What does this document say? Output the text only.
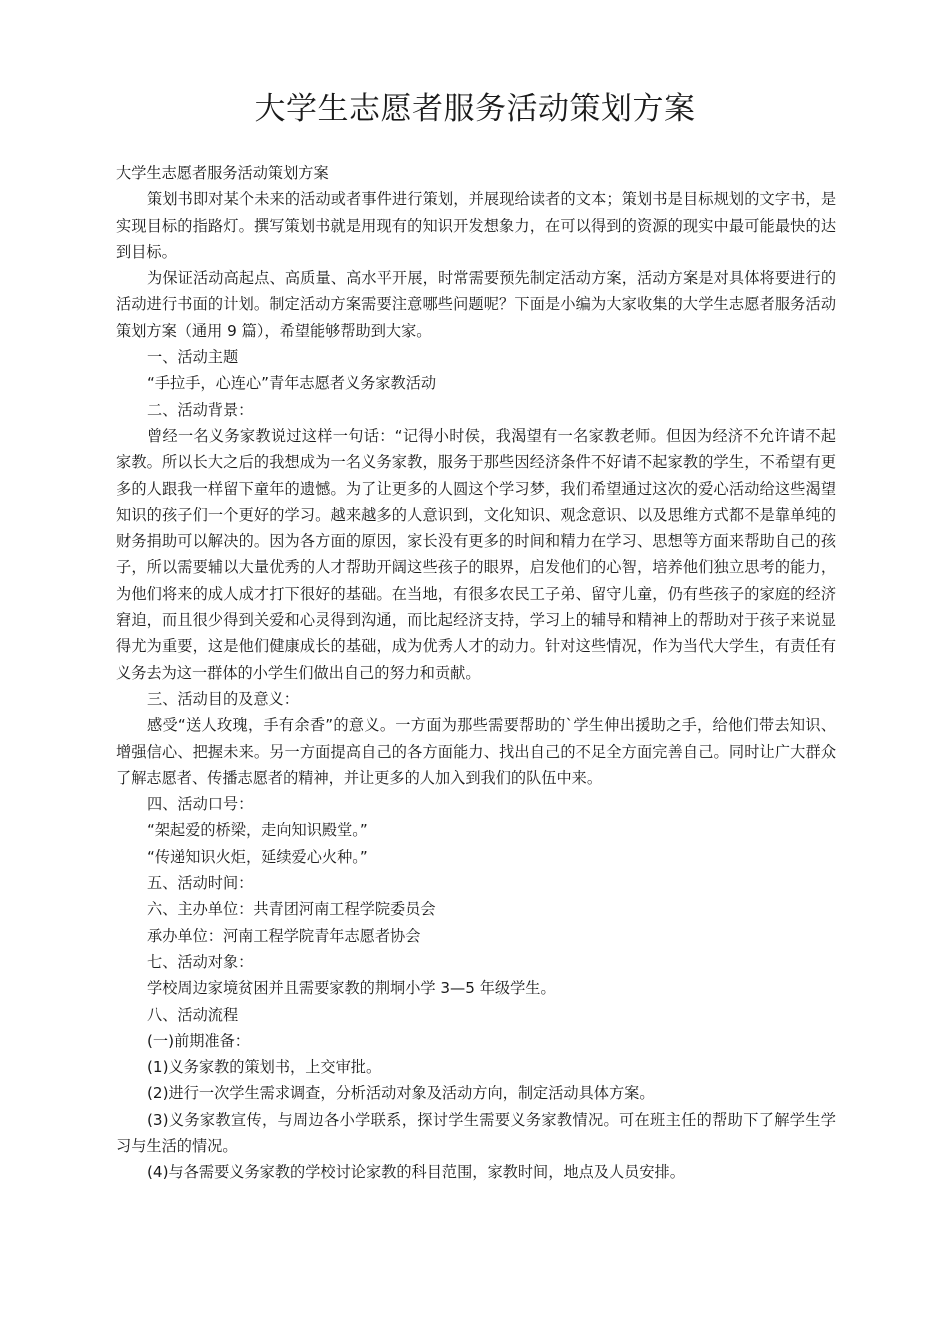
大学生志愿者服务活动策划方案

大学生志愿者服务活动策划方案

策划书即对某个未来的活动或者事件进行策划，并展现给读者的文本；策划书是目标规划的文字书，是实现目标的指路灯。撰写策划书就是用现有的知识开发想象力，在可以得到的资源的现实中最可能最快的达到目标。

为保证活动高起点、高质量、高水平开展，时常需要预先制定活动方案，活动方案是对具体将要进行的活动进行书面的计划。制定活动方案需要注意哪些问题呢？下面是小编为大家收集的大学生志愿者服务活动策划方案（通用 9 篇），希望能够帮助到大家。

一、活动主题

“手拉手，心连心”青年志愿者义务家教活动

二、活动背景：

曾经一名义务家教说过这样一句话：“记得小时侯，我渴望有一名家教老师。但因为经济不允许请不起家教。所以长大之后的我想成为一名义务家教，服务于那些因经济条件不好请不起家教的学生，不希望有更多的人跟我一样留下童年的遗憾。为了让更多的人圆这个学习梦，我们希望通过这次的爱心活动给这些渴望知识的孩子们一个更好的学习。越来越多的人意识到，文化知识、观念意识、以及思维方式都不是靠单纯的财务捐助可以解决的。因为各方面的原因，家长没有更多的时间和精力在学习、思想等方面来帮助自己的孩子，所以需要辅以大量优秀的人才帮助开阔这些孩子的眼界，启发他们的心智，培养他们独立思考的能力，为他们将来的成人成才打下很好的基础。在当地，有很多农民工子弟、留守儿童，仍有些孩子的家庭的经济窘迫，而且很少得到关爱和心灵得到沟通，而比起经济支持，学习上的辅导和精神上的帮助对于孩子来说显得尤为重要，这是他们健康成长的基础，成为优秀人才的动力。针对这些情况，作为当代大学生，有责任有义务去为这一群体的小学生们做出自己的努力和贡献。

三、活动目的及意义：

感受“送人玫瑰，手有余香”的意义。一方面为那些需要帮助的`学生伸出援助之手，给他们带去知识、增强信心、把握未来。另一方面提高自己的各方面能力、找出自己的不足全方面完善自己。同时让广大群众了解志愿者、传播志愿者的精神，并让更多的人加入到我们的队伍中来。

四、活动口号：

“架起爱的桥梁，走向知识殿堂。”

“传递知识火炬，延续爱心火种。”

五、活动时间：

六、主办单位：共青团河南工程学院委员会

承办单位：河南工程学院青年志愿者协会

七、活动对象：

学校周边家境贫困并且需要家教的荆垌小学 3—5 年级学生。

八、活动流程

(一)前期准备：

(1)义务家教的策划书，上交审批。

(2)进行一次学生需求调查，分析活动对象及活动方向，制定活动具体方案。

(3)义务家教宣传，与周边各小学联系，探讨学生需要义务家教情况。可在班主任的帮助下了解学生学习与生活的情况。

(4)与各需要义务家教的学校讨论家教的科目范围，家教时间，地点及人员安排。
